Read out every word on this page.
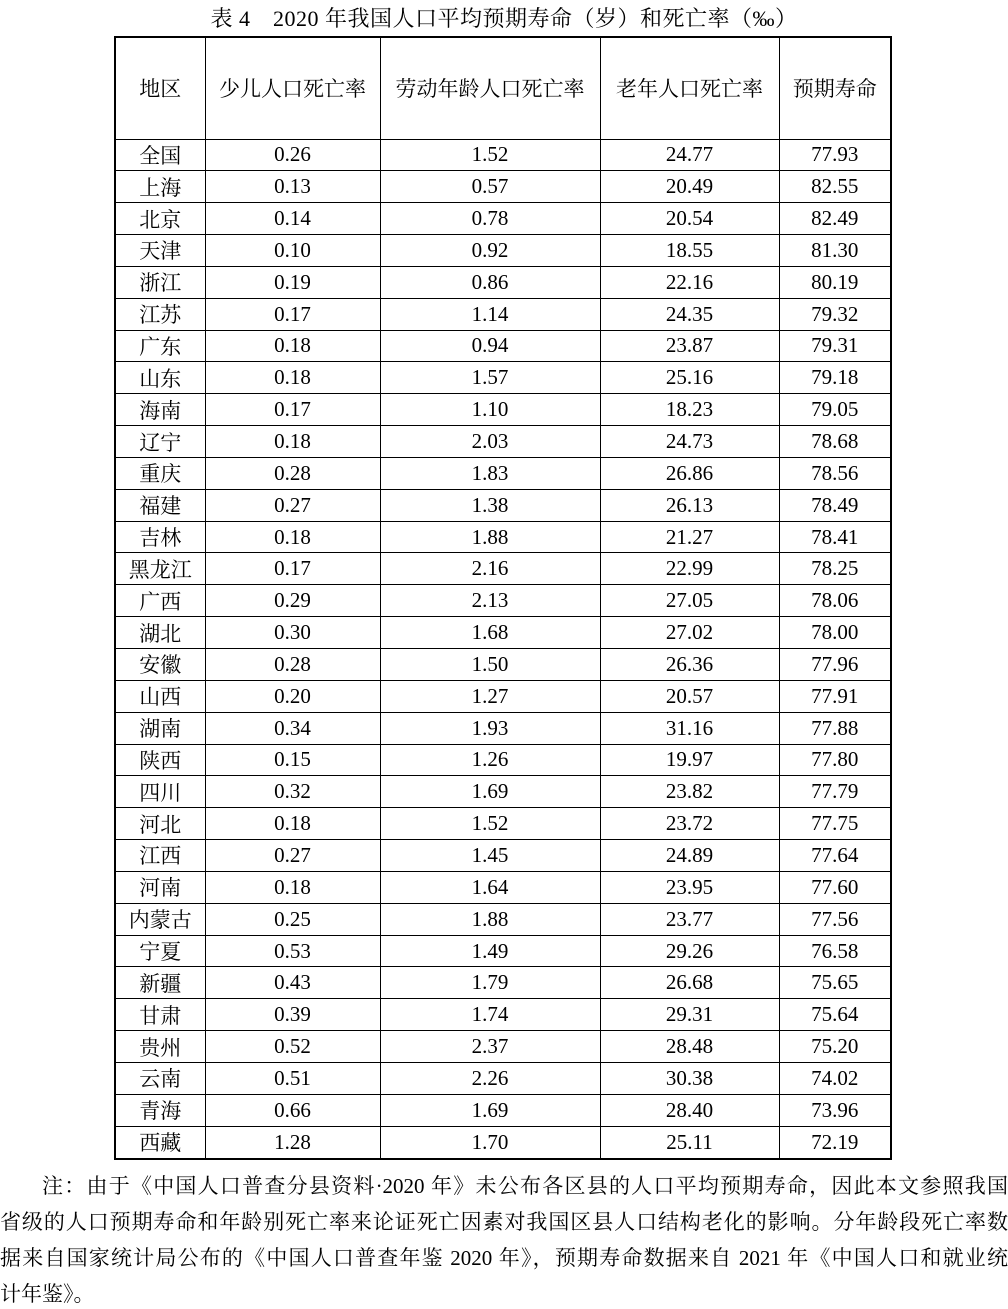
表 4　2020 年我国人口平均预期寿命（岁）和死亡率（‰）
地区	少儿人口死亡率	劳动年龄人口死亡率	老年人口死亡率	预期寿命
全国	0.26	1.52	24.77	77.93
上海	0.13	0.57	20.49	82.55
北京	0.14	0.78	20.54	82.49
天津	0.10	0.92	18.55	81.30
浙江	0.19	0.86	22.16	80.19
江苏	0.17	1.14	24.35	79.32
广东	0.18	0.94	23.87	79.31
山东	0.18	1.57	25.16	79.18
海南	0.17	1.10	18.23	79.05
辽宁	0.18	2.03	24.73	78.68
重庆	0.28	1.83	26.86	78.56
福建	0.27	1.38	26.13	78.49
吉林	0.18	1.88	21.27	78.41
黑龙江	0.17	2.16	22.99	78.25
广西	0.29	2.13	27.05	78.06
湖北	0.30	1.68	27.02	78.00
安徽	0.28	1.50	26.36	77.96
山西	0.20	1.27	20.57	77.91
湖南	0.34	1.93	31.16	77.88
陕西	0.15	1.26	19.97	77.80
四川	0.32	1.69	23.82	77.79
河北	0.18	1.52	23.72	77.75
江西	0.27	1.45	24.89	77.64
河南	0.18	1.64	23.95	77.60
内蒙古	0.25	1.88	23.77	77.56
宁夏	0.53	1.49	29.26	76.58
新疆	0.43	1.79	26.68	75.65
甘肃	0.39	1.74	29.31	75.64
贵州	0.52	2.37	28.48	75.20
云南	0.51	2.26	30.38	74.02
青海	0.66	1.69	28.40	73.96
西藏	1.28	1.70	25.11	72.19
注：由于《中国人口普查分县资料·2020 年》未公布各区县的人口平均预期寿命，因此本文参照我国
省级的人口预期寿命和年龄别死亡率来论证死亡因素对我国区县人口结构老化的影响。分年龄段死亡率数
据来自国家统计局公布的《中国人口普查年鉴 2020 年》，预期寿命数据来自 2021 年《中国人口和就业统
计年鉴》。
